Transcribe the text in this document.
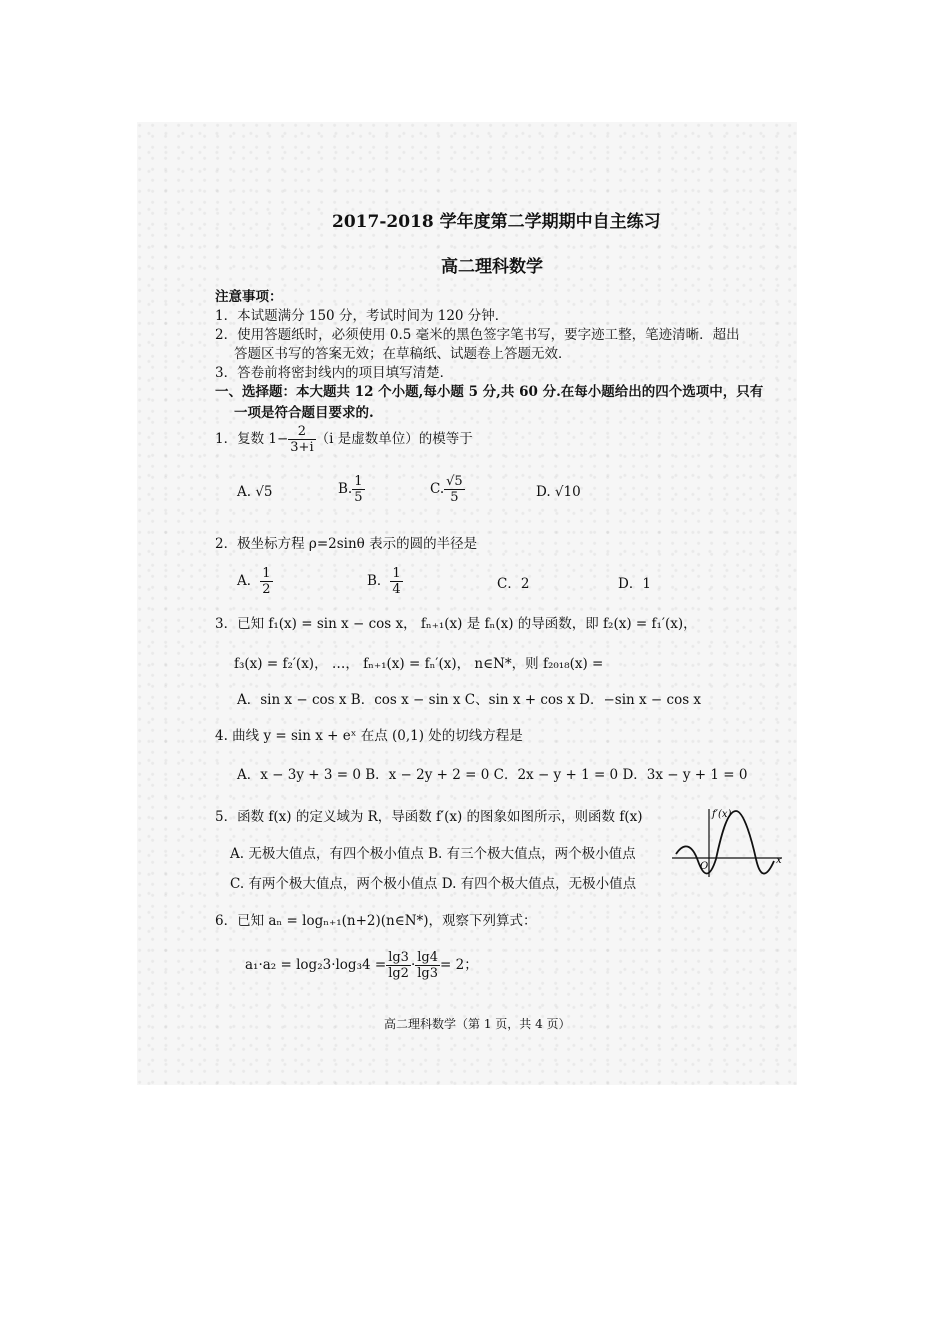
2017-2018 学年度第二学期期中自主练习
高二理科数学
注意事项：
1．本试题满分 150 分，考试时间为 120 分钟．
2．使用答题纸时，必须使用 0.5 毫米的黑色签字笔书写，要字迹工整，笔迹清晰．超出
答题区书写的答案无效；在草稿纸、试题卷上答题无效．
3．答卷前将密封线内的项目填写清楚．
一、选择题：本大题共 12 个小题,每小题 5 分,共 60 分.在每小题给出的四个选项中，只有
一项是符合题目要求的.
1．复数 $1- \frac{2}{3+i} (i$ 是虚数单位）的模等于
A. √5	B. $\frac{1}{5}$	C. $\frac{√5}{5}$	D. √10
2．极坐标方程 ρ=2sinθ 表示的圆的半径是
A． $\frac{1}{2}$	B． $\frac{1}{4}$	C．2	D．1
3．已知 f₁(x) = sin x − cos x， fₙ₊₁(x) 是 fₙ(x) 的导函数，即 f₂(x) = f₁′(x)，
f₃(x) = f₂′(x)， …， fₙ₊₁(x) = fₙ′(x)， n∈N*，则 f₂₀₁₈(x) =
A．sin x − cos x B．cos x − sin x C、sin x + cos x D．−sin x − cos x
4. 曲线 y = sin x + eˣ 在点 (0,1) 处的切线方程是
A．x − 3y + 3 = 0 B．x − 2y + 2 = 0 C．2x − y + 1 = 0 D．3x − y + 1 = 0
5．函数 f(x) 的定义域为 R，导函数 f′(x) 的图象如图所示，则函数 f(x)
A. 无极大值点，有四个极小值点 B. 有三个极大值点，两个极小值点
C. 有两个极大值点，两个极小值点 D. 有四个极大值点，无极小值点
f′(x)
x
O
6．已知 aₙ = logₙ₊₁(n+2)(n∈N*)，观察下列算式：
$a_1\cdot a_2 = \log_23\cdot\log_34 = \frac{\lg 3}{\lg 2} \cdot \frac{\lg 4}{\lg 3} = 2$；
高二理科数学（第 1 页，共 4 页）
